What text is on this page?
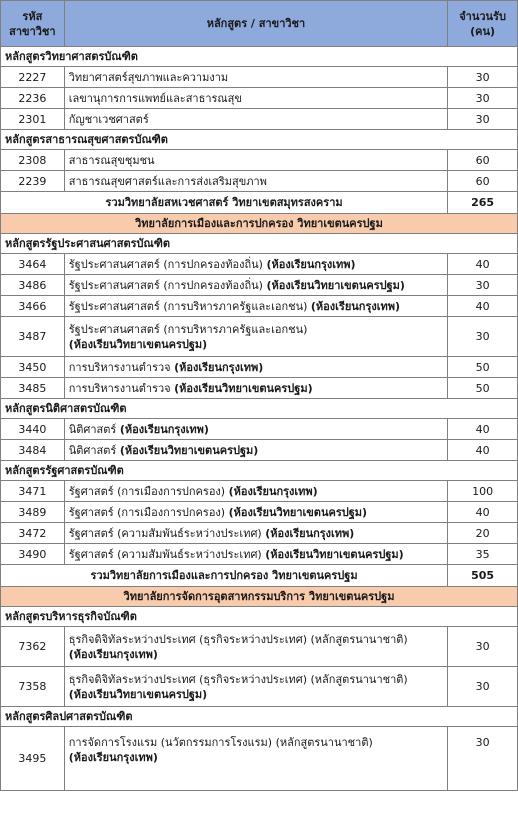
รหัส
สาขาวิชา	หลักสูตร / สาขาวิชา	จำนวนรับ
(คน)
หลักสูตรวิทยาศาสตรบัณฑิต		
2227	วิทยาศาสตร์สุขภาพและความงาม	30
2236	เลขานุการการแพทย์และสาธารณสุข	30
2301	กัญชาเวชศาสตร์	30
หลักสูตรสาธารณสุขศาสตรบัณฑิต		
2308	สาธารณสุขชุมชน	60
2239	สาธารณสุขศาสตร์และการส่งเสริมสุขภาพ	60
รวมวิทยาลัยสหเวชศาสตร์ วิทยาเขตสมุทรสงคราม		265
วิทยาลัยการเมืองและการปกครอง วิทยาเขตนครปฐม		
หลักสูตรรัฐประศาสนศาสตรบัณฑิต		
3464	รัฐประศาสนศาสตร์ (การปกครองท้องถิ่น) (ห้องเรียนกรุงเทพ)	40
3486	รัฐประศาสนศาสตร์ (การปกครองท้องถิ่น) (ห้องเรียนวิทยาเขตนครปฐม)	30
3466	รัฐประศาสนศาสตร์ (การบริหารภาครัฐและเอกชน) (ห้องเรียนกรุงเทพ)	40
3487	รัฐประศาสนศาสตร์ (การบริหารภาครัฐและเอกชน)
(ห้องเรียนวิทยาเขตนครปฐม)	30
3450	การบริหารงานตำรวจ (ห้องเรียนกรุงเทพ)	50
3485	การบริหารงานตำรวจ (ห้องเรียนวิทยาเขตนครปฐม)	50
หลักสูตรนิติศาสตรบัณฑิต		
3440	นิติศาสตร์ (ห้องเรียนกรุงเทพ)	40
3484	นิติศาสตร์ (ห้องเรียนวิทยาเขตนครปฐม)	40
หลักสูตรรัฐศาสตรบัณฑิต		
3471	รัฐศาสตร์ (การเมืองการปกครอง) (ห้องเรียนกรุงเทพ)	100
3489	รัฐศาสตร์ (การเมืองการปกครอง) (ห้องเรียนวิทยาเขตนครปฐม)	40
3472	รัฐศาสตร์ (ความสัมพันธ์ระหว่างประเทศ) (ห้องเรียนกรุงเทพ)	20
3490	รัฐศาสตร์ (ความสัมพันธ์ระหว่างประเทศ) (ห้องเรียนวิทยาเขตนครปฐม)	35
รวมวิทยาลัยการเมืองและการปกครอง วิทยาเขตนครปฐม		505
วิทยาลัยการจัดการอุตสาหกรรมบริการ วิทยาเขตนครปฐม		
หลักสูตรบริหารธุรกิจบัณฑิต		
7362	ธุรกิจดิจิทัลระหว่างประเทศ (ธุรกิจระหว่างประเทศ) (หลักสูตรนานาชาติ)
(ห้องเรียนกรุงเทพ)	30
7358	ธุรกิจดิจิทัลระหว่างประเทศ (ธุรกิจระหว่างประเทศ) (หลักสูตรนานาชาติ)
(ห้องเรียนวิทยาเขตนครปฐม)	30
หลักสูตรศิลปศาสตรบัณฑิต		
3495	การจัดการโรงแรม (นวัตกรรมการโรงแรม) (หลักสูตรนานาชาติ)
(ห้องเรียนกรุงเทพ)	30
